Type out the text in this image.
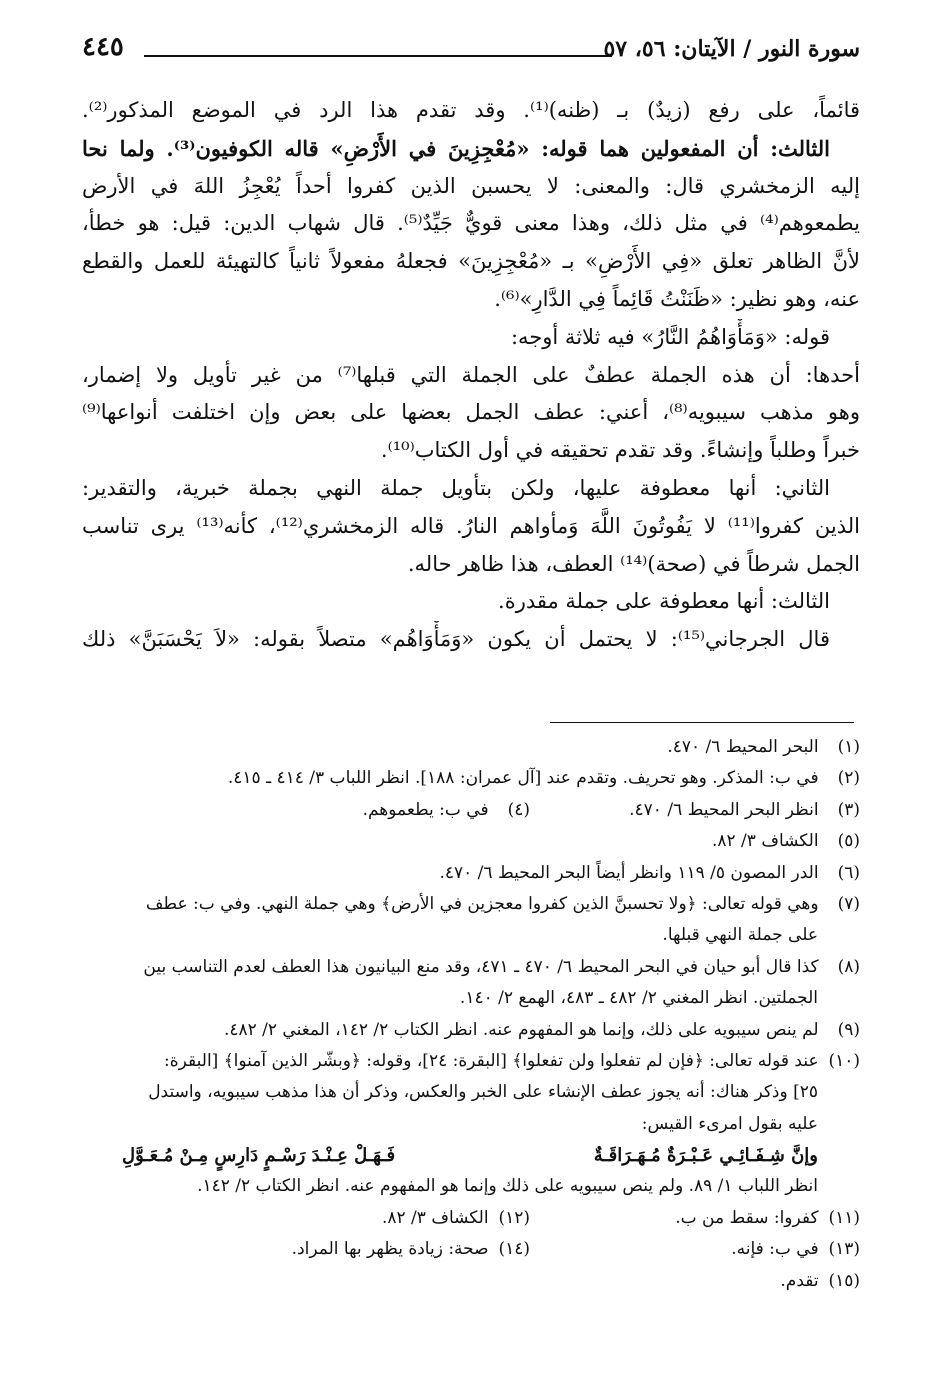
سورة النور / الآيتان: ٥٦، ٥٧
٤٤٥
قائماً، على رفع (زيدٌ) بـ (ظنه)⁽¹⁾. وقد تقدم هذا الرد في الموضع المذكور⁽²⁾.
الثالث: أن المفعولين هما قوله: «مُعْجِزِينَ في الأَرْضِ» قاله الكوفيون⁽³⁾. ولما نحا
إليه الزمخشري قال: والمعنى: لا يحسبن الذين كفروا أحداً يُعْجِزُ اللهَ في الأرض
يطمعوهم⁽⁴⁾ في مثل ذلك، وهذا معنى قويٌّ جَيِّدٌ⁽⁵⁾. قال شهاب الدين: قيل: هو خطأ،
لأنَّ الظاهر تعلق «فِي الأَرْضِ» بـ «مُعْجِزِينَ» فجعلهُ مفعولاً ثانياً كالتهيئة للعمل والقطع
عنه، وهو نظير: «ظَنَنْتُ قَائِماً فِي الدَّارِ»⁽⁶⁾.
قوله: «وَمَأْوَاهُمُ النَّارُ» فيه ثلاثة أوجه:
أحدها: أن هذه الجملة عطفٌ على الجملة التي قبلها⁽⁷⁾ من غير تأويل ولا إضمار،
وهو مذهب سيبويه⁽⁸⁾، أعني: عطف الجمل بعضها على بعض وإن اختلفت أنواعها⁽⁹⁾
خبراً وطلباً وإنشاءً. وقد تقدم تحقيقه في أول الكتاب⁽¹⁰⁾.
الثاني: أنها معطوفة عليها، ولكن بتأويل جملة النهي بجملة خبرية، والتقدير:
الذين كفروا⁽¹¹⁾ لا يَفُوتُونَ اللَّهَ وَمأواهم النارُ. قاله الزمخشري⁽¹²⁾، كأنه⁽¹³⁾ يرى تناسب
الجمل شرطاً في (صحة)⁽¹⁴⁾ العطف، هذا ظاهر حاله.
الثالث: أنها معطوفة على جملة مقدرة.
قال الجرجاني⁽¹⁵⁾: لا يحتمل أن يكون «وَمَأْوَاهُم» متصلاً بقوله: «لاَ يَحْسَبَنَّ» ذلك
(١) البحر المحيط ٦/ ٤٧٠.
(٢) في ب: المذكر. وهو تحريف. وتقدم عند [آل عمران: ١٨٨]. انظر اللباب ٣/ ٤١٤ ـ ٤١٥.
(٣) انظر البحر المحيط ٦/ ٤٧٠.
(٤) في ب: يطعموهم.
(٥) الكشاف ٣/ ٨٢.
(٦) الدر المصون ٥/ ١١٩ وانظر أيضاً البحر المحيط ٦/ ٤٧٠.
(٧) وهي قوله تعالى: ﴿ولا تحسبنَّ الذين كفروا معجزين في الأرض﴾ وهي جملة النهي. وفي ب: عطف
على جملة النهي قبلها.
(٨) كذا قال أبو حيان في البحر المحيط ٦/ ٤٧٠ ـ ٤٧١، وقد منع البيانيون هذا العطف لعدم التناسب بين
الجملتين. انظر المغني ٢/ ٤٨٢ ـ ٤٨٣، الهمع ٢/ ١٤٠.
(٩) لم ينص سيبويه على ذلك، وإنما هو المفهوم عنه. انظر الكتاب ٢/ ١٤٢، المغني ٢/ ٤٨٢.
(١٠) عند قوله تعالى: ﴿فإن لم تفعلوا ولن تفعلوا﴾ [البقرة: ٢٤]، وقوله: ﴿وبشّر الذين آمنوا﴾ [البقرة:
٢٥] وذكر هناك: أنه يجوز عطف الإنشاء على الخبر والعكس، وذكر أن هذا مذهب سيبويه، واستدل
عليه بقول امرىء القيس:
وإنَّ شِـفَـائِـي عَـبْـرَةٌ مُـهَـرَاقَـةٌ
فَـهَـلْ عِـنْـدَ رَسْـمٍ دَارِسٍ مِـنْ مُـعَـوَّلِ
انظر اللباب ١/ ٨٩. ولم ينص سيبويه على ذلك وإنما هو المفهوم عنه. انظر الكتاب ٢/ ١٤٢.
(١١) كفروا: سقط من ب.
(١٢) الكشاف ٣/ ٨٢.
(١٣) في ب: فإنه.
(١٤) صحة: زيادة يظهر بها المراد.
(١٥) تقدم.
